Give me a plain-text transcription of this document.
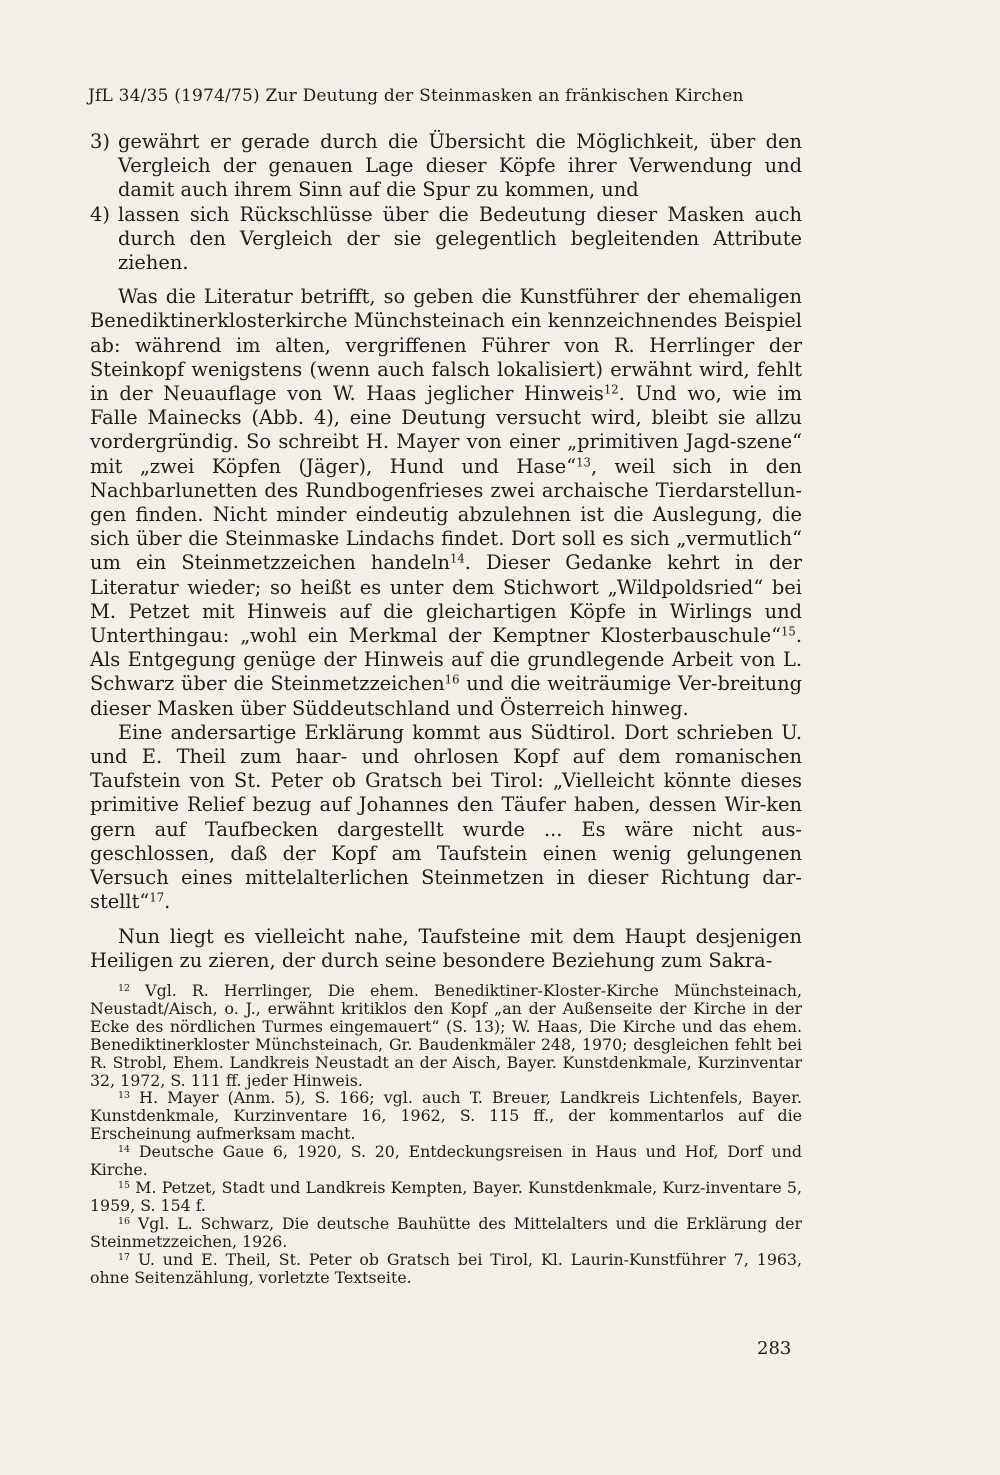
JfL 34/35 (1974/75) Zur Deutung der Steinmasken an fränkischen Kirchen
3) gewährt er gerade durch die Übersicht die Möglichkeit, über den Vergleich der genauen Lage dieser Köpfe ihrer Verwendung und damit auch ihrem Sinn auf die Spur zu kommen, und
4) lassen sich Rückschlüsse über die Bedeutung dieser Masken auch durch den Vergleich der sie gelegentlich begleitenden Attribute ziehen.

Was die Literatur betrifft, so geben die Kunstführer der ehemaligen Benediktinerklosterkirche Münchsteinach ein kennzeichnendes Beispiel ab: während im alten, vergriffenen Führer von R. Herrlinger der Steinkopf wenigstens (wenn auch falsch lokalisiert) erwähnt wird, fehlt in der Neuauflage von W. Haas jeglicher Hinweis$^{12}$. Und wo, wie im Falle Mainecks (Abb. 4), eine Deutung versucht wird, bleibt sie allzu vordergründig. So schreibt H. Mayer von einer „primitiven Jagd-szene“ mit „zwei Köpfen (Jäger), Hund und Hase“$^{13}$, weil sich in den Nachbarlunetten des Rundbogenfrieses zwei archaische Tierdarstellun-gen finden. Nicht minder eindeutig abzulehnen ist die Auslegung, die sich über die Steinmaske Lindachs findet. Dort soll es sich „vermutlich“ um ein Steinmetzzeichen handeln$^{14}$. Dieser Gedanke kehrt in der Literatur wieder; so heißt es unter dem Stichwort „Wildpoldsried“ bei M. Petzet mit Hinweis auf die gleichartigen Köpfe in Wirlings und Unterthingau: „wohl ein Merkmal der Kemptner Klosterbauschule“$^{15}$. Als Entgegung genüge der Hinweis auf die grundlegende Arbeit von L. Schwarz über die Steinmetzzeichen$^{16}$ und die weiträumige Ver-breitung dieser Masken über Süddeutschland und Österreich hinweg.

Eine andersartige Erklärung kommt aus Südtirol. Dort schrieben U. und E. Theil zum haar- und ohrlosen Kopf auf dem romanischen Taufstein von St. Peter ob Gratsch bei Tirol: „Vielleicht könnte dieses primitive Relief bezug auf Johannes den Täufer haben, dessen Wir-ken gern auf Taufbecken dargestellt wurde ... Es wäre nicht aus-geschlossen, daß der Kopf am Taufstein einen wenig gelungenen Versuch eines mittelalterlichen Steinmetzen in dieser Richtung dar-stellt“$^{17}$.

Nun liegt es vielleicht nahe, Taufsteine mit dem Haupt desjenigen Heiligen zu zieren, der durch seine besondere Beziehung zum Sakra-

$^{12}$ Vgl. R. Herrlinger, Die ehem. Benediktiner-Kloster-Kirche Münchsteinach, Neustadt/Aisch, o. J., erwähnt kritiklos den Kopf „an der Außenseite der Kirche in der Ecke des nördlichen Turmes eingemauert“ (S. 13); W. Haas, Die Kirche und das ehem. Benediktinerkloster Münchsteinach, Gr. Baudenkmäler 248, 1970; desgleichen fehlt bei R. Strobl, Ehem. Landkreis Neustadt an der Aisch, Bayer. Kunstdenkmale, Kurzinventar 32, 1972, S. 111 ff. jeder Hinweis.

$^{13}$ H. Mayer (Anm. 5), S. 166; vgl. auch T. Breuer, Landkreis Lichtenfels, Bayer. Kunstdenkmale, Kurzinventare 16, 1962, S. 115 ff., der kommentarlos auf die Erscheinung aufmerksam macht.

$^{14}$ Deutsche Gaue 6, 1920, S. 20, Entdeckungsreisen in Haus und Hof, Dorf und Kirche.

$^{15}$ M. Petzet, Stadt und Landkreis Kempten, Bayer. Kunstdenkmale, Kurz-inventare 5, 1959, S. 154 f.

$^{16}$ Vgl. L. Schwarz, Die deutsche Bauhütte des Mittelalters und die Erklärung der Steinmetzzeichen, 1926.

$^{17}$ U. und E. Theil, St. Peter ob Gratsch bei Tirol, Kl. Laurin-Kunstführer 7, 1963, ohne Seitenzählung, vorletzte Textseite.

283
